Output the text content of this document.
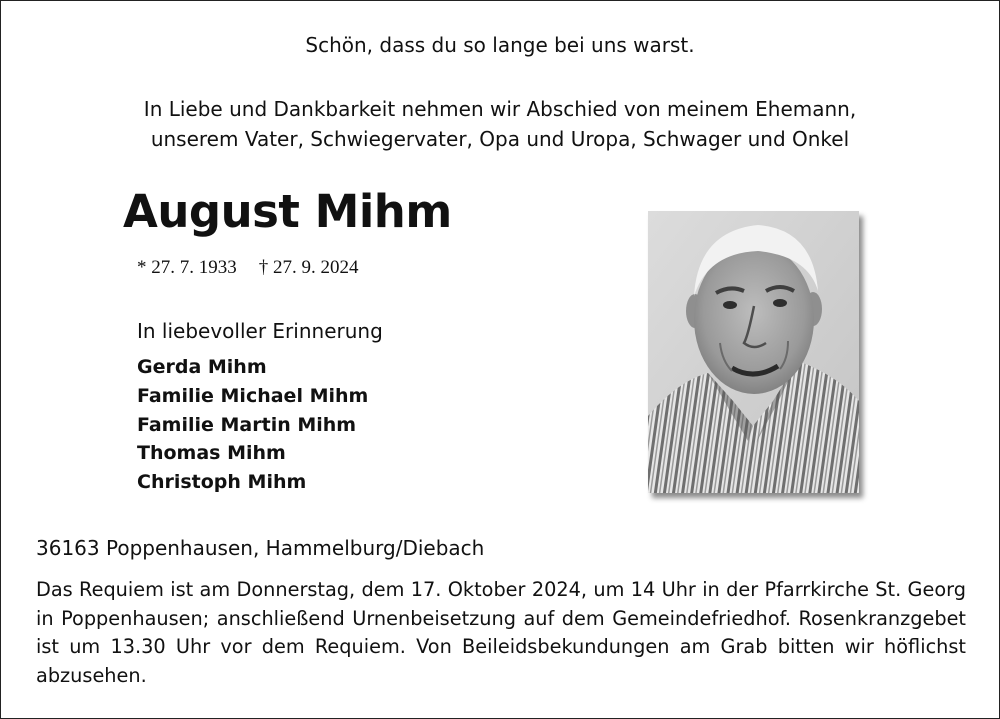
Schön, dass du so lange bei uns warst.
In Liebe und Dankbarkeit nehmen wir Abschied von meinem Ehemann,
unserem Vater, Schwiegervater, Opa und Uropa, Schwager und Onkel
August Mihm
* 27. 7. 1933 † 27. 9. 2024
In liebevoller Erinnerung
Gerda Mihm
Familie Michael Mihm
Familie Martin Mihm
Thomas Mihm
Christoph Mihm
36163 Poppenhausen, Hammelburg/Diebach
Das Requiem ist am Donnerstag, dem 17. Oktober 2024, um 14 Uhr in der Pfarrkirche St. Georg in Poppenhausen; anschließend Urnenbeisetzung auf dem Gemeindefriedhof. Rosenkranzgebet ist um 13.30 Uhr vor dem Requiem. Von Beileidsbekundungen am Grab bitten wir höflichst abzusehen.
